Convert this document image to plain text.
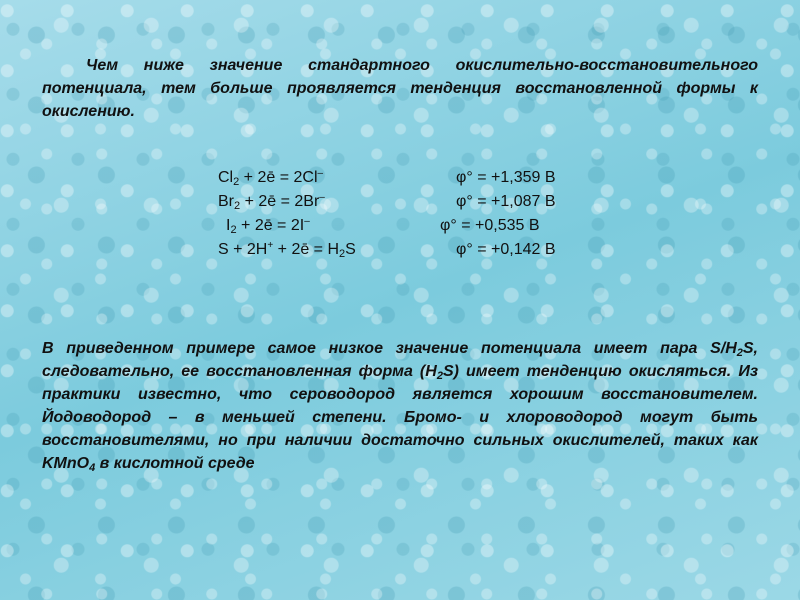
Чем ниже значение стандартного окислительно-восстановительного потенциала, тем больше проявляется тенденция восстановленной формы к окислению.
$Cl_2$ + 2ē = 2Cl–	φ° = +1,359 В
$Br_2$ + 2ē = 2Br–	φ° = +1,087 В
$I_2$ + 2ē = 2I–	φ° = +0,535 В
S + 2H+ + 2ē = $H_2S$	φ° = +0,142 В
В приведенном примере самое низкое значение потенциала имеет пара $S/H_2S$, следовательно, ее восстановленная форма $(H_2S)$ имеет тенденцию окисляться. Из практики известно, что сероводород является хорошим восстановителем. Йодоводород – в меньшей степени. Бромо- и хлороводород могут быть восстановителями, но при наличии достаточно сильных окислителей, таких как KMnO$_4$ в кислотной среде
